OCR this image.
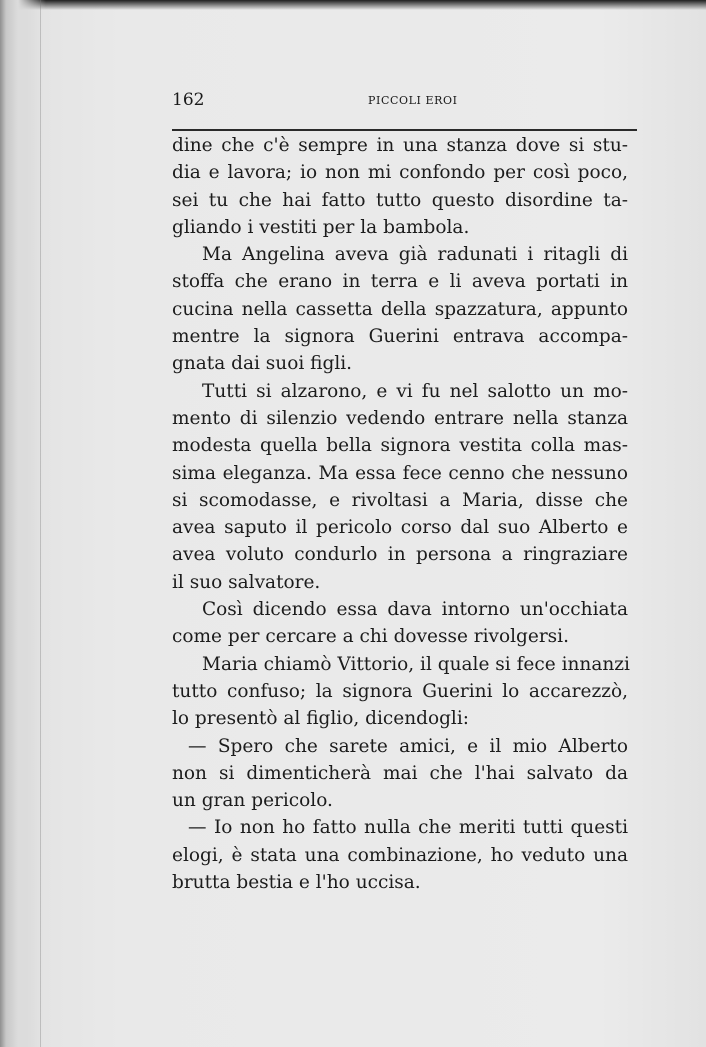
162	PICCOLI EROI
dine che c'è sempre in una stanza dove si stu-
dia e lavora; io non mi confondo per così poco,
sei tu che hai fatto tutto questo disordine ta-
gliando i vestiti per la bambola.
Ma Angelina aveva già radunati i ritagli di
stoffa che erano in terra e li aveva portati in
cucina nella cassetta della spazzatura, appunto
mentre la signora Guerini entrava accompa-
gnata dai suoi figli.
Tutti si alzarono, e vi fu nel salotto un mo-
mento di silenzio vedendo entrare nella stanza
modesta quella bella signora vestita colla mas-
sima eleganza. Ma essa fece cenno che nessuno
si scomodasse, e rivoltasi a Maria, disse che
avea saputo il pericolo corso dal suo Alberto e
avea voluto condurlo in persona a ringraziare
il suo salvatore.
Così dicendo essa dava intorno un'occhiata
come per cercare a chi dovesse rivolgersi.
Maria chiamò Vittorio, il quale si fece innanzi
tutto confuso; la signora Guerini lo accarezzò,
lo presentò al figlio, dicendogli:
— Spero che sarete amici, e il mio Alberto
non si dimenticherà mai che l'hai salvato da
un gran pericolo.
— Io non ho fatto nulla che meriti tutti questi
elogi, è stata una combinazione, ho veduto una
brutta bestia e l'ho uccisa.
